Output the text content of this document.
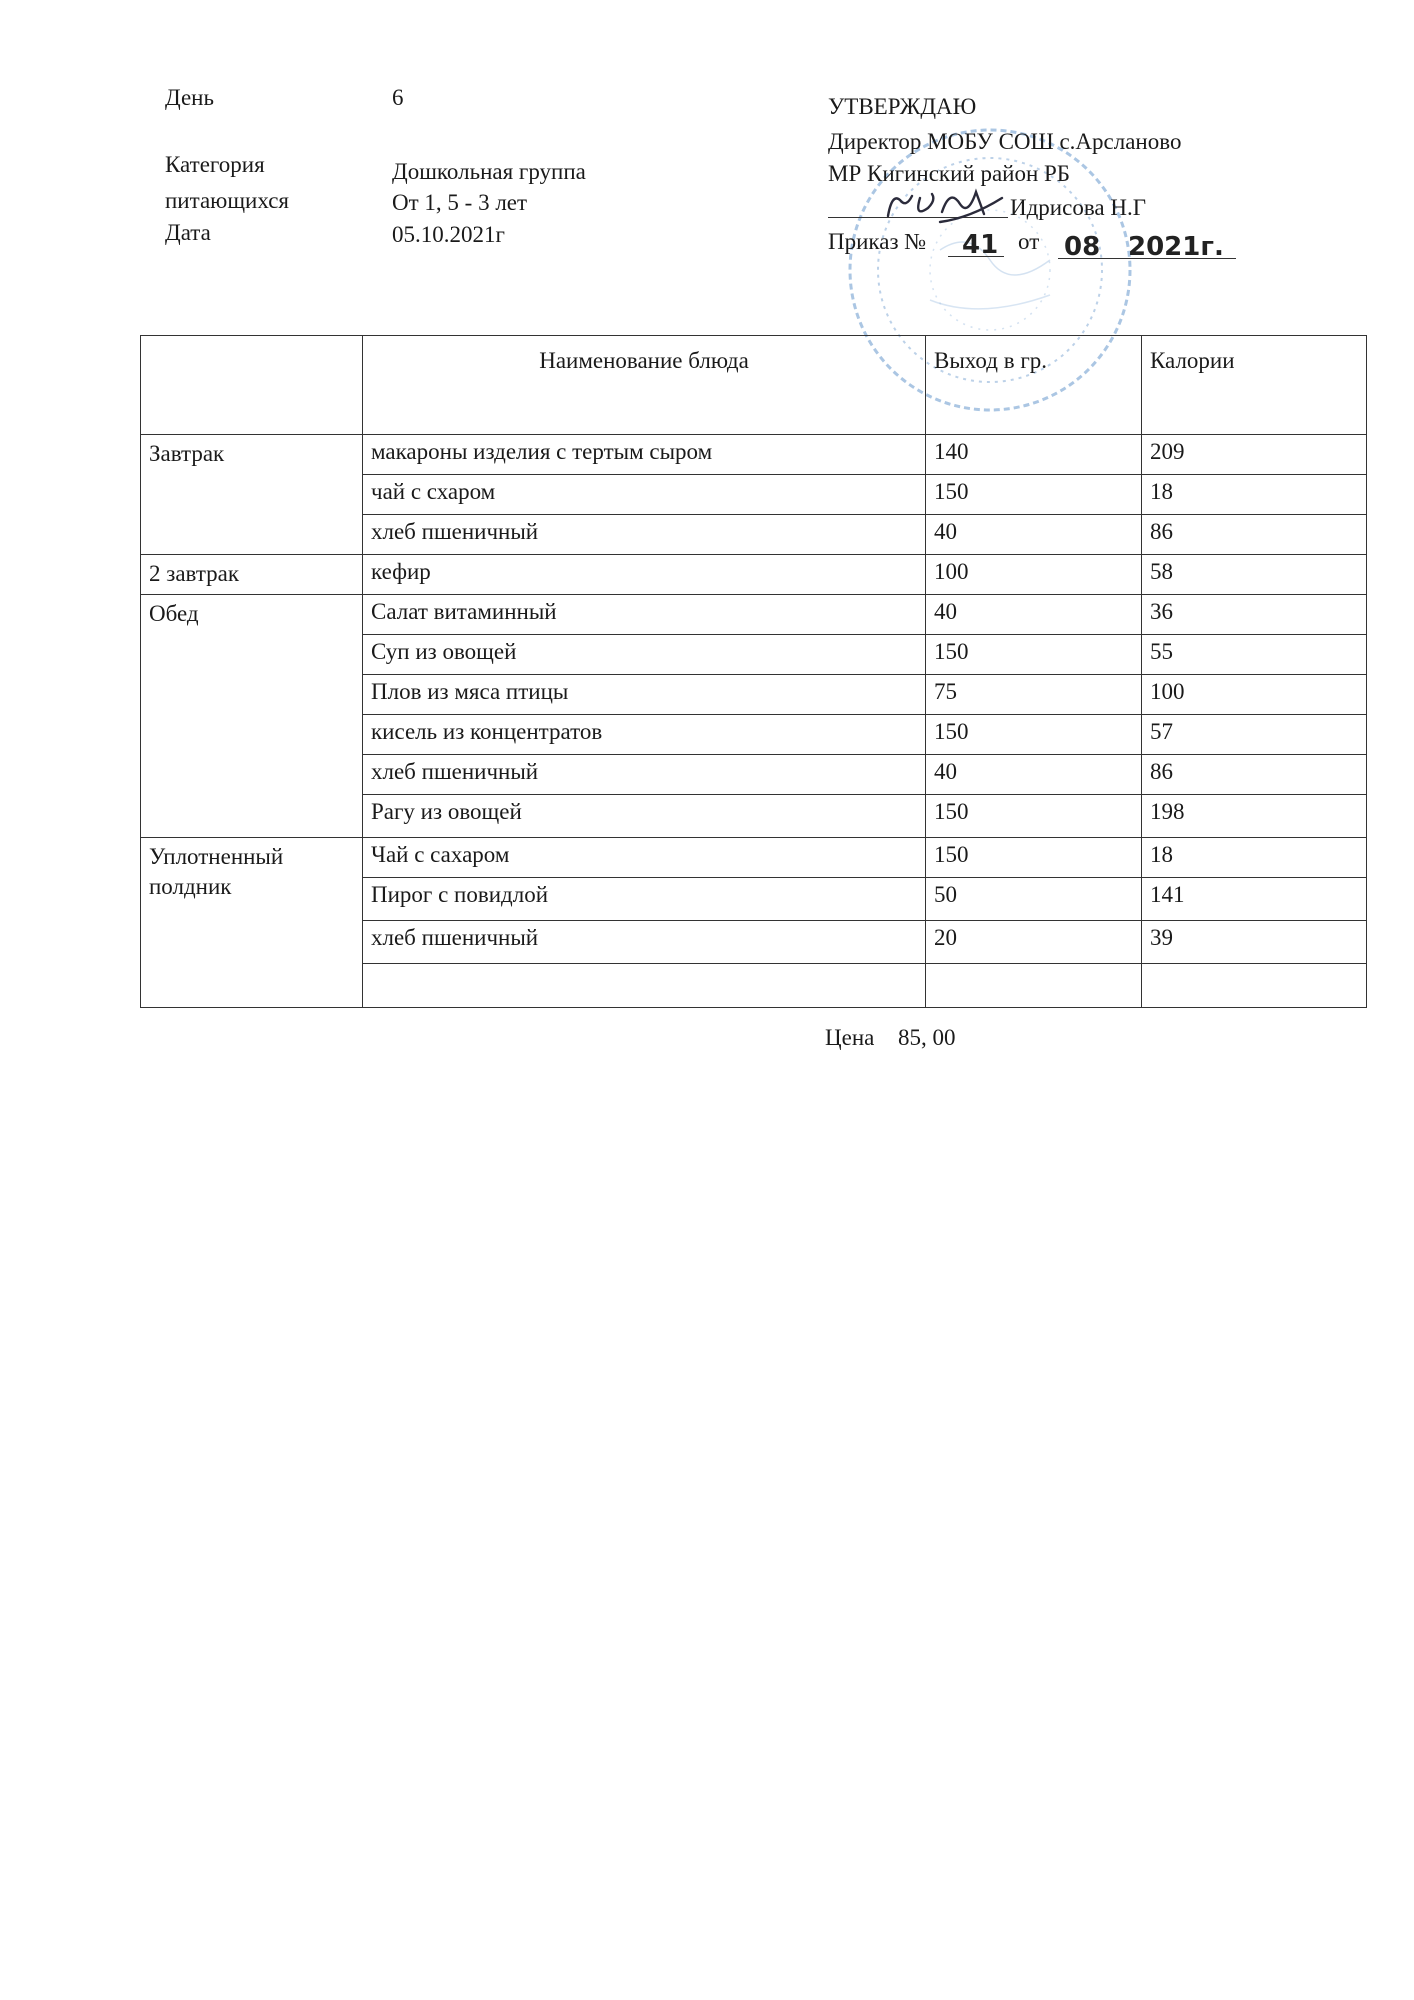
День	6
Категория
питающихся
Дошкольная группа
От 1, 5 - 3 лет
Дата	05.10.2021г
УТВЕРЖДАЮ
Директор МОБУ СОШ с.Арсланово
МР Кигинский район РБ
Идрисова Н.Г
Приказ № 41 от 08 2021г.
	Наименование блюда	Выход в гр.	Калории
Завтрак	макароны изделия с тертым сыром	140	209
	чай с схаром	150	18
	хлеб пшеничный	40	86
2 завтрак	кефир	100	58
Обед	Салат витаминный	40	36
	Суп из овощей	150	55
	Плов из мяса птицы	75	100
	кисель из концентратов	150	57
	хлеб пшеничный	40	86
	Рагу из овощей	150	198

Уплотненный
полдник	Чай с сахаром	150	18
	Пирог с повидлой	50	141
	хлеб пшеничный	20	39

Цена 85, 00
